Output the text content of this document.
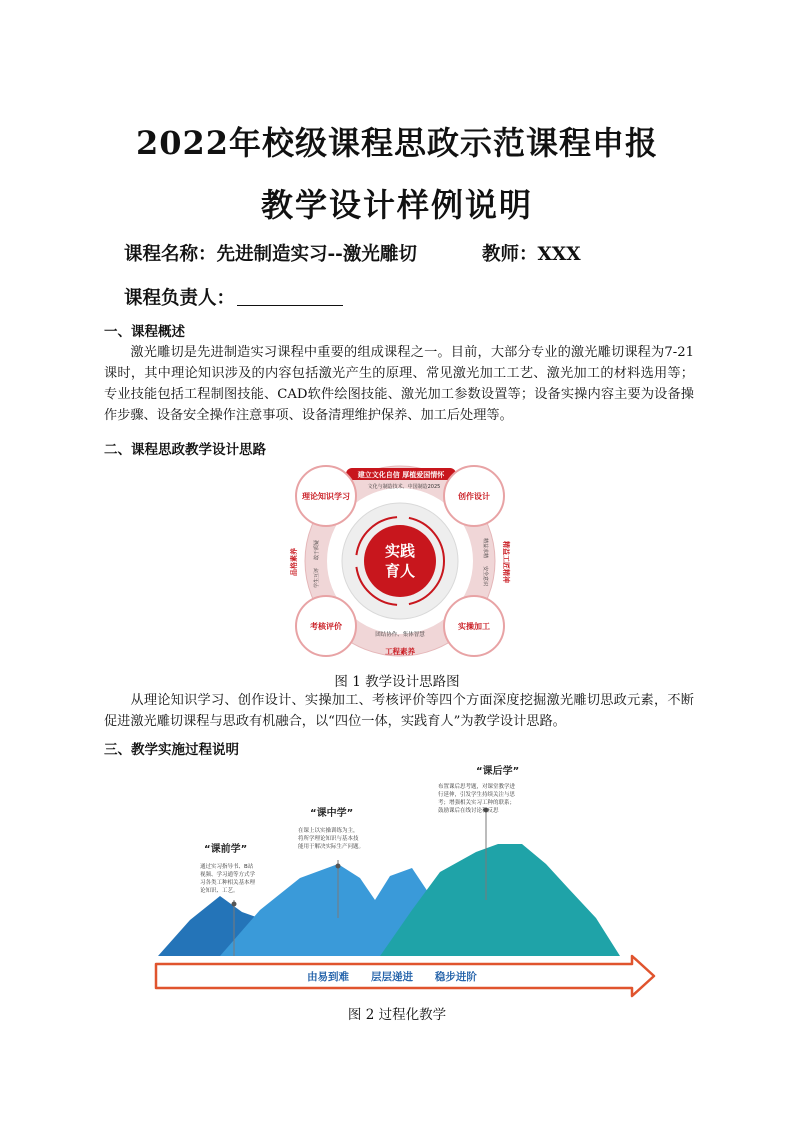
2022年校级课程思政示范课程申报
教学设计样例说明
课程名称：先进制造实习--激光雕切	教师：XXX
课程负责人：
一、课程概述

激光雕切是先进制造实习课程中重要的组成课程之一。目前，大部分专业的激光雕切课程为7-21课时，其中理论知识涉及的内容包括激光产生的原理、常见激光加工工艺、激光加工的材料选用等；专业技能包括工程制图技能、CAD软件绘图技能、激光加工参数设置等；设备实操内容主要为设备操作步骤、设备安全操作注意事项、设备清理维护保养、加工后处理等。

二、课程思政教学设计思路
实践
育人
建立文化自信 厚植爱国情怀
文化与制造技术、中国制造2025
理论知识学习	创作设计
考核评价	实操加工
品格素养	敢于质疑
学生互评	精益工匠精神
精益求精
安全意识
团结协作、集体智慧
工程素养
图 1 教学设计思路图

从理论知识学习、创作设计、实操加工、考核评价等四个方面深度挖掘激光雕切思政元素，不断促进激光雕切课程与思政有机融合，以“四位一体，实践育人”为教学设计思路。

三、教学实施过程说明
“课前学”
通过实习指导书、B站
视频、学习通等方式学
习各类工种相关基本理
论知识、工艺。
“课中学”
在课上以实操训练为主，
将所学理论知识与基本技
能用于解决实际生产问题。
“课后学”
布置课后思考题，对课堂教学进
行延伸，引发学生持续关注与思
考；增强相关实习工种的联系；
鼓励课后在线讨论和反思
由易到难      层层递进      稳步进阶
图 2 过程化教学
